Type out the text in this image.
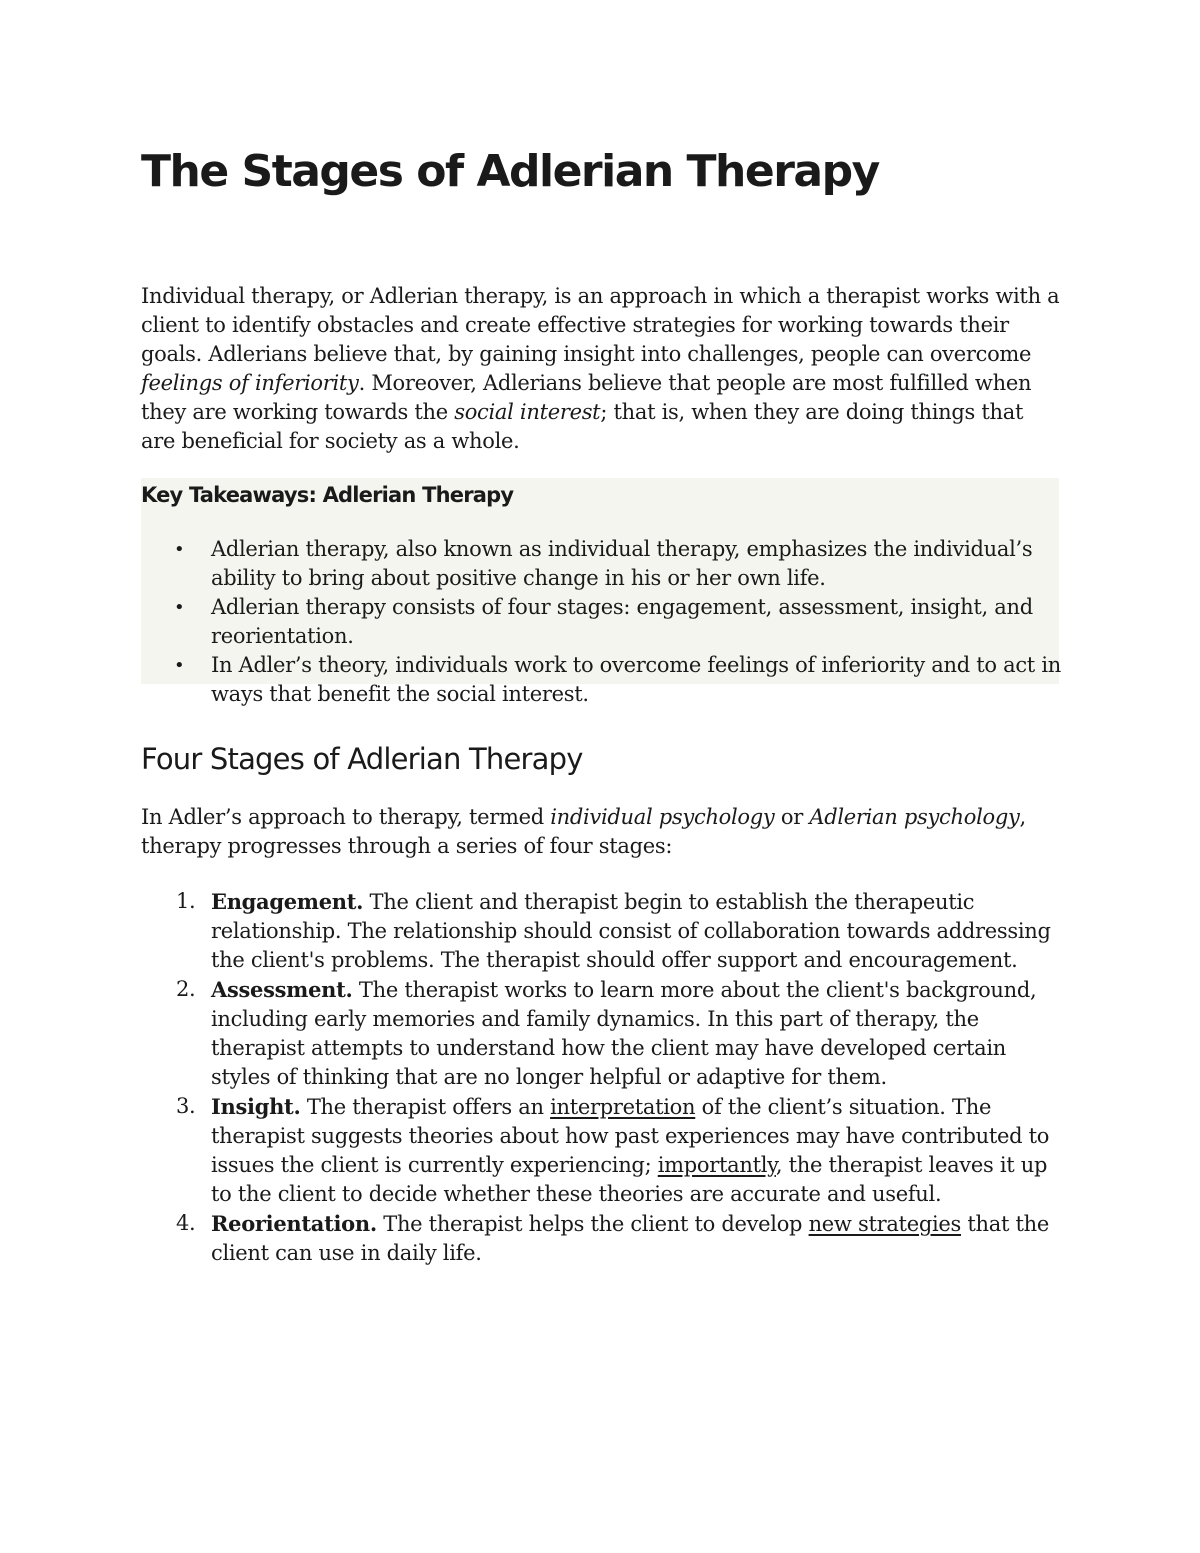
The Stages of Adlerian Therapy

Individual therapy, or Adlerian therapy, is an approach in which a therapist works with a client to identify obstacles and create effective strategies for working towards their goals. Adlerians believe that, by gaining insight into challenges, people can overcome feelings of inferiority. Moreover, Adlerians believe that people are most fulfilled when they are working towards the social interest; that is, when they are doing things that are beneficial for society as a whole.

Key Takeaways: Adlerian Therapy
• Adlerian therapy, also known as individual therapy, emphasizes the individual’s ability to bring about positive change in his or her own life.
• Adlerian therapy consists of four stages: engagement, assessment, insight, and reorientation.
• In Adler’s theory, individuals work to overcome feelings of inferiority and to act in ways that benefit the social interest.
Four Stages of Adlerian Therapy

In Adler’s approach to therapy, termed individual psychology or Adlerian psychology, therapy progresses through a series of four stages:

1. Engagement. The client and therapist begin to establish the therapeutic relationship. The relationship should consist of collaboration towards addressing the client's problems. The therapist should offer support and encouragement.
2. Assessment. The therapist works to learn more about the client's background, including early memories and family dynamics. In this part of therapy, the therapist attempts to understand how the client may have developed certain styles of thinking that are no longer helpful or adaptive for them.
3. Insight. The therapist offers an interpretation of the client’s situation. The therapist suggests theories about how past experiences may have contributed to issues the client is currently experiencing; importantly, the therapist leaves it up to the client to decide whether these theories are accurate and useful.
4. Reorientation. The therapist helps the client to develop new strategies that the client can use in daily life.
